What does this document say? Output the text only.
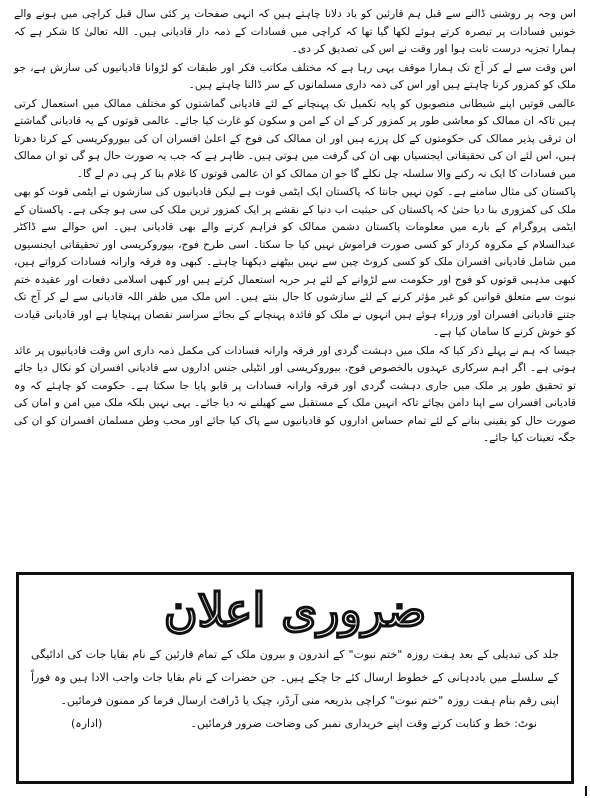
اس وجہ پر روشنی ڈالنے سے قبل ہم قارئین کو یاد دلانا چاہتے ہیں کہ انہی صفحات پر کئی سال قبل کراچی میں ہونے والے خونیں فسادات پر تبصرہ کرتے ہوئے لکھا گیا تھا کہ کراچی میں فسادات کے ذمہ دار قادیانی ہیں۔ اللہ تعالیٰ کا شکر ہے کہ ہمارا تجزیہ درست ثابت ہوا اور وقت نے اس کی تصدیق کر دی۔

اس وقت سے لے کر آج تک ہمارا موقف یہی رہا ہے کہ مختلف مکاتب فکر اور طبقات کو لڑوانا قادیانیوں کی سازش ہے، جو ملک کو کمزور کرنا چاہتے ہیں اور اس کی ذمہ داری مسلمانوں کے سر ڈالنا چاہتے ہیں۔

عالمی قوتیں اپنے شیطانی منصوبوں کو پایہ تکمیل تک پہنچانے کے لئے قادیانی گماشتوں کو مختلف ممالک میں استعمال کرتی ہیں تاکہ ان ممالک کو معاشی طور پر کمزور کر کے ان کے امن و سکون کو غارت کیا جائے۔ عالمی قوتوں کے یہ قادیانی گماشتے ان ترقی پذیر ممالک کی حکومتوں کے کل پرزے ہیں اور ان ممالک کی فوج کے اعلیٰ افسران ان کی بیوروکریسی کے کرتا دھرتا ہیں، اس لئے ان کی تحقیقاتی ایجنسیاں بھی ان کی گرفت میں ہوتی ہیں۔ ظاہر ہے کہ جب یہ صورت حال ہو گی تو ان ممالک میں فسادات کا ایک نہ رکنے والا سلسلہ چل نکلے گا جو ان ممالک کو ان عالمی قوتوں کا غلام بنا کر ہی دم لے گا۔

پاکستان کی مثال سامنے ہے۔ کون نہیں جانتا کہ پاکستان ایک ایٹمی قوت ہے لیکن قادیانیوں کی سازشوں نے ایٹمی قوت کو بھی ملک کی کمزوری بنا دیا حتیٰ کہ پاکستان کی حیثیت اب دنیا کے نقشے پر ایک کمزور ترین ملک کی سی ہو چکی ہے۔ پاکستان کے ایٹمی پروگرام کے بارے میں معلومات پاکستان دشمن ممالک کو فراہم کرنے والے بھی قادیانی ہیں۔ اس حوالے سے ڈاکٹر عبدالسلام کے مکروہ کردار کو کسی صورت فراموش نہیں کیا جا سکتا۔ اسی طرح فوج، بیوروکریسی اور تحقیقاتی ایجنسیوں میں شامل قادیانی افسران ملک کو کسی کروٹ چین سے نہیں بیٹھنے دیکھنا چاہتے۔ کبھی وہ فرقہ وارانہ فسادات کرواتے ہیں، کبھی مذہبی قوتوں کو فوج اور حکومت سے لڑوانے کے لئے ہر حربہ استعمال کرتے ہیں اور کبھی اسلامی دفعات اور عقیدہ ختم نبوت سے متعلق قوانین کو غیر مؤثر کرنے کے لئے سازشوں کا جال بنتے ہیں۔ اس ملک میں ظفر اللہ قادیانی سے لے کر آج تک جتنے قادیانی افسران اور وزراء ہوئے ہیں انہوں نے ملک کو فائدہ پہنچانے کے بجائے سراسر نقصان پہنچایا ہے اور قادیانی قیادت کو خوش کرنے کا سامان کیا ہے۔

جیسا کہ ہم نے پہلے ذکر کیا کہ ملک میں دہشت گردی اور فرقہ وارانہ فسادات کی مکمل ذمہ داری اس وقت قادیانیوں پر عائد ہوتی ہے۔ اگر اہم سرکاری عہدوں بالخصوص فوج، بیوروکریسی اور انٹیلی جنس اداروں سے قادیانی افسران کو نکال دیا جائے تو تحقیق طور پر ملک میں جاری دہشت گردی اور فرقہ وارانہ فسادات پر قابو پایا جا سکتا ہے۔ حکومت کو چاہئے کہ وہ قادیانی افسران سے اپنا دامن بچائے تاکہ انہیں ملک کے مستقبل سے کھیلنے نہ دیا جائے۔ یہی نہیں بلکہ ملک میں امن و امان کی صورت حال کو یقینی بنانے کے لئے تمام حساس اداروں کو قادیانیوں سے پاک کیا جائے اور محب وطن مسلمان افسران کو ان کی جگہ تعینات کیا جائے۔

ضروری اعلان
جلد کی تبدیلی کے بعد ہفت روزہ "ختم نبوت" کے اندرون و بیرون ملک کے تمام قارئین کے نام بقایا جات کی ادائیگی کے سلسلے میں یاددہانی کے خطوط ارسال کئے جا چکے ہیں۔ جن حضرات کے نام بقایا جات واجب الادا ہیں وہ فوراً اپنی رقم بنام ہفت روزہ "ختم نبوت" کراچی بذریعہ منی آرڈر، چیک یا ڈرافٹ ارسال فرما کر ممنون فرمائیں۔
نوٹ: خط و کتابت کرتے وقت اپنے خریداری نمبر کی وضاحت ضرور فرمائیں۔
(ادارہ)
